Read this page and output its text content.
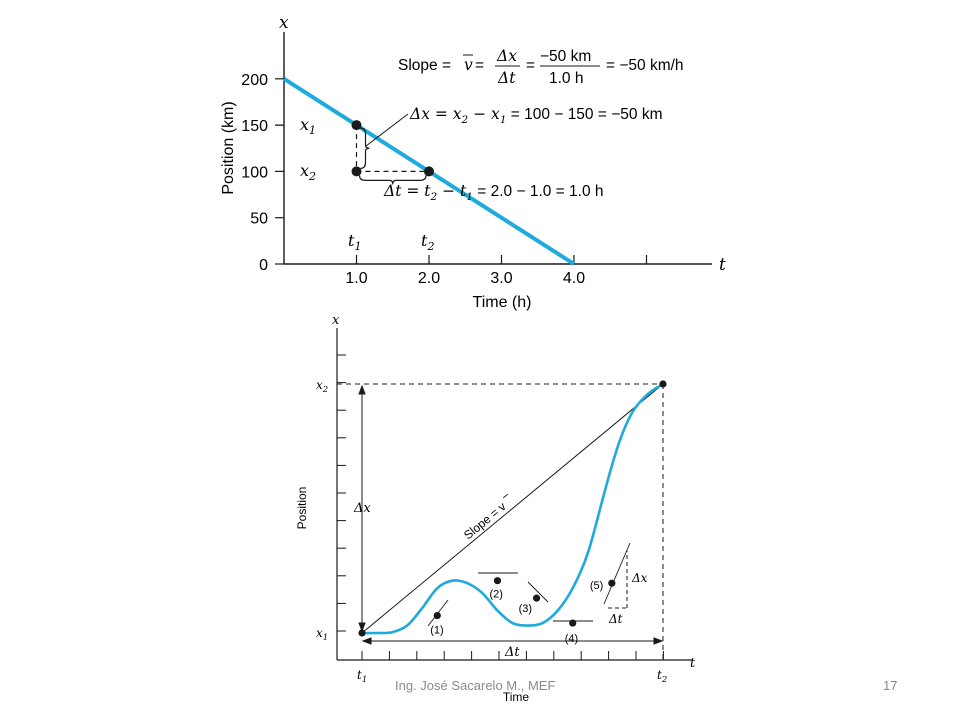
x
t
0
50
100
150
200
1.0	2.0	3.0	4.0
Position (km)
Time (h)
$x_1$
$x_2$
$t_1$	$t_2$
Slope = v =
Δx
Δt
=
−50 km
1.0 h
= −50 km/h
$\Delta x = x_2 - x_1 = 100 - 150 = -50$ km
$\Delta t = t_2 - t_1 = 2.0 - 1.0 = 1.0$ h
x
t
Position
Time
Δx
Δt
Slope = v
Δx
Δt
(1)
(2)
(3)
(4)
(5)
$x_2$
$x_1$
$t_1$	$t_2$
Ing. José Sacarelo M., MEF	17
